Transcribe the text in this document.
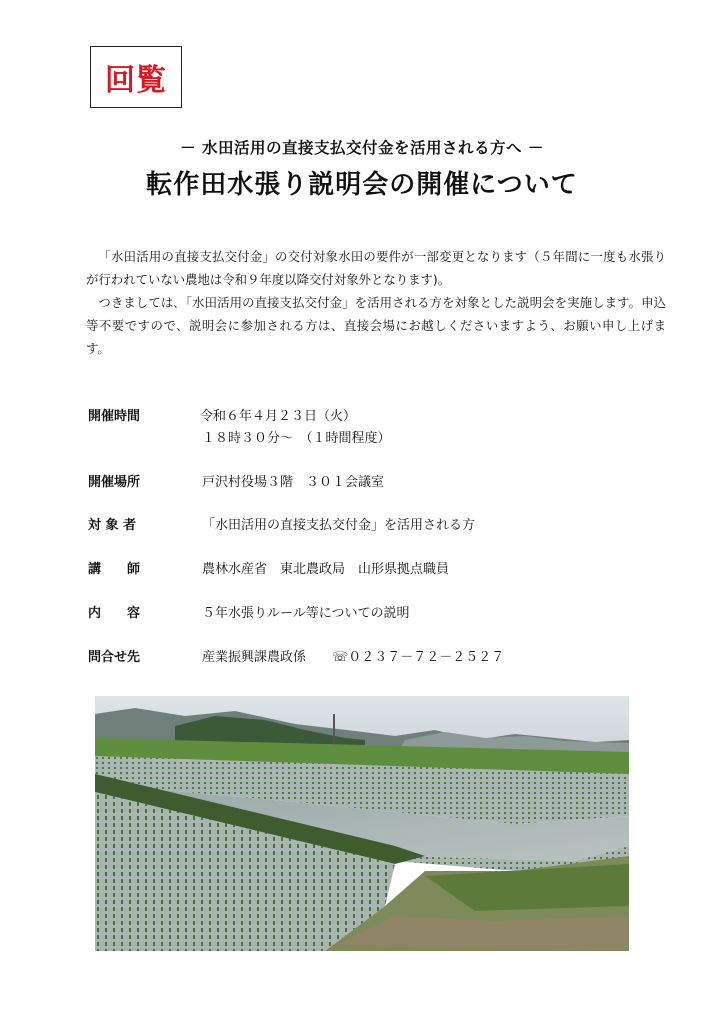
回覧
－ 水田活用の直接支払交付金を活用される方へ －
転作田水張り説明会の開催について

「水田活用の直接支払交付金」の交付対象水田の要件が一部変更となります（５年間に一度も水張りが行われていない農地は令和９年度以降交付対象外となります)。

つきましては､「水田活用の直接支払交付金」を活用される方を対象とした説明会を実施します。申込等不要ですので、説明会に参加される方は、直接会場にお越しくださいますよう、お願い申し上げます。

開催時間	令和６年４月２３日（火）
１８時３０分～　（１時間程度）
開催場所	戸沢村役場３階　３０１会議室
対 象 者	「水田活用の直接支払交付金」を活用される方
講　　師	農林水産省　東北農政局　山形県拠点職員
内　　容	５年水張りルール等についての説明
問合せ先	産業振興課農政係　　☏０２３７－７２－２５２７
